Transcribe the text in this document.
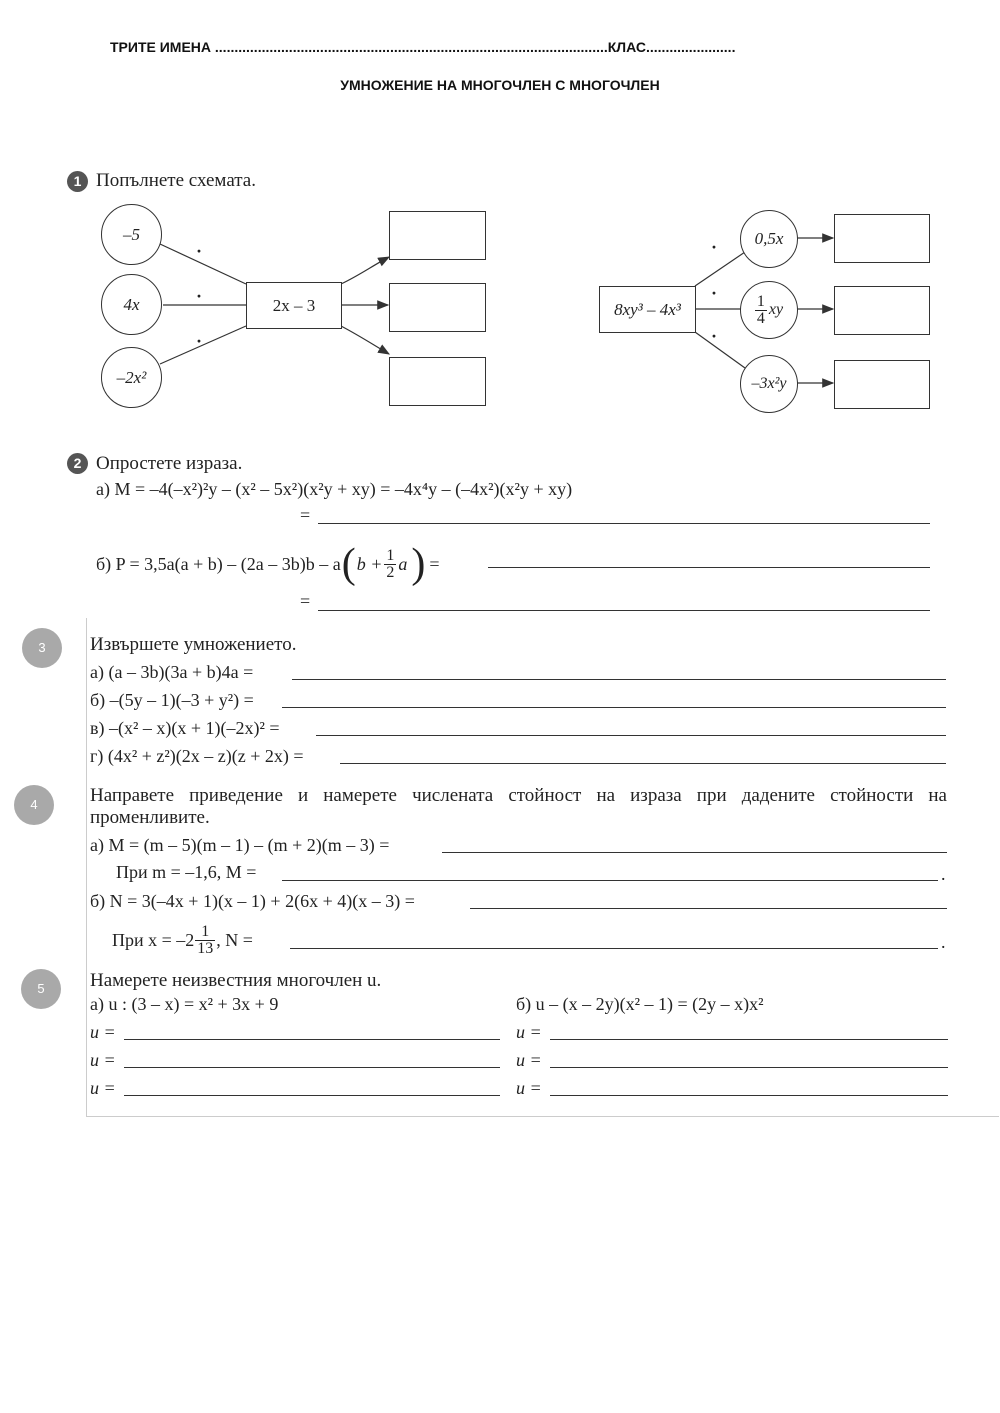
ТРИТЕ ИМЕНА .....................................................................................................КЛАС.......................
УМНОЖЕНИЕ НА МНОГОЧЛЕН С МНОГОЧЛЕН
1 Попълнете схемата.
–5
4x
–2x²
·
·
·
2x – 3	8xy³ – 4x³
·
·
·
0,5x
$\frac{1}{4}$ xy
–3x²y
2 Опростете израза.
а) M = –4(–x²)²y – (x² – 5x²)(x²y + xy) = –4x⁴y – (–4x²)(x²y + xy)
=
б) P = 3,5a(a + b) – (2a – 3b)b – a ( $b + \frac{1}{2}$ a ) =
=
3	Извършете умножението.
а) (a – 3b)(3a + b)4a =
б) –(5y – 1)(–3 + y²) =
в) –(x² – x)(x + 1)(–2x)² =
г) (4x² + z²)(2x – z)(z + 2x) =
4	Направете приведение и намерете числената стойност на израза при дадените стойности на
променливите.
а) M = (m – 5)(m – 1) – (m + 2)(m – 3) =
При m = –1,6, M =	.
б) N = 3(–4x + 1)(x – 1) + 2(6x + 4)(x – 3) =
При $x = -2 \frac{1}{13}$ , N =	.
5	Намерете неизвестния многочлен u.
а) u : (3 – x) = x² + 3x + 9	б) u – (x – 2y)(x² – 1) = (2y – x)x²
u =	u =
u =	u =
u =	u =
